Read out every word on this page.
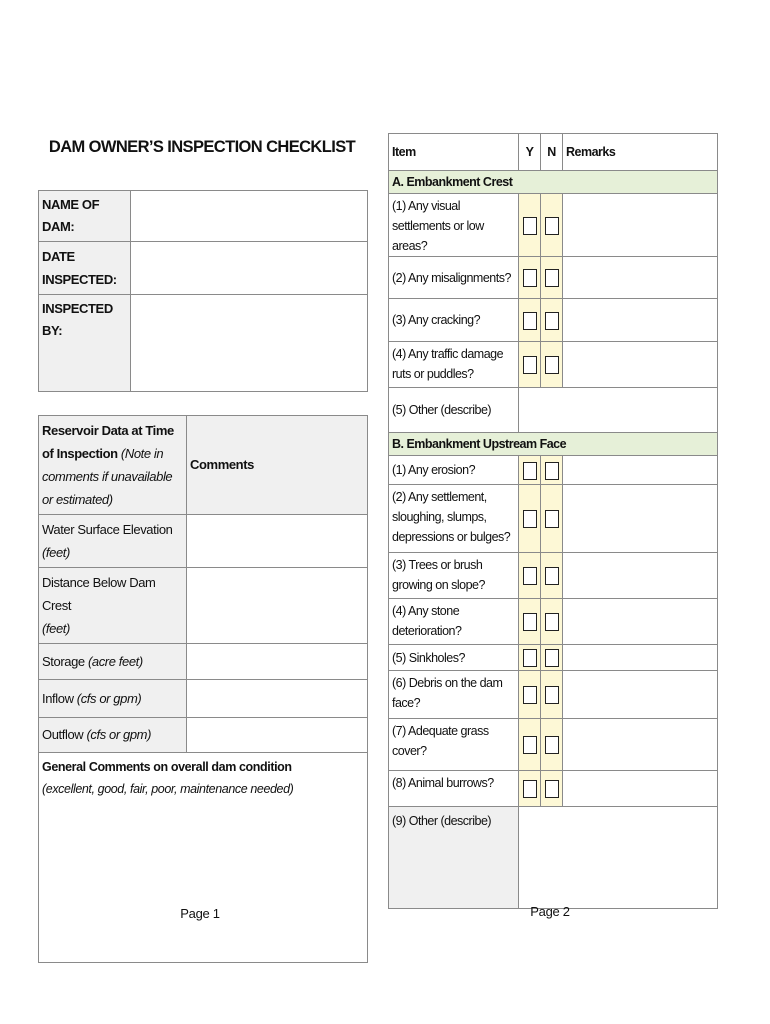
DAM OWNER’S INSPECTION CHECKLIST
NAME OF DAM:	
DATE INSPECTED:	
INSPECTED BY:	
Reservoir Data at Time of Inspection (Note in comments if unavailable or estimated)	Comments
Water Surface Elevation
(feet)	
Distance Below Dam Crest
(feet)	
Storage (acre feet)	
Inflow (cfs or gpm)	
Outflow (cfs or gpm)	
General Comments on overall dam condition
(excellent, good, fair, poor, maintenance needed)	
Page 1
Item	Y	N	Remarks
A. Embankment Crest			
(1) Any visual settlements or low areas?			
(2) Any misalignments?			
(3) Any cracking?			
(4) Any traffic damage ruts or puddles?			
(5) Other (describe)			
B. Embankment Upstream Face			
(1) Any erosion?			
(2) Any settlement, sloughing, slumps, depressions or bulges?			
(3) Trees or brush growing on slope?			
(4) Any stone deterioration?			
(5) Sinkholes?			
(6) Debris on the dam face?			
(7) Adequate grass cover?			
(8) Animal burrows?			
(9) Other (describe)			
Page 2
